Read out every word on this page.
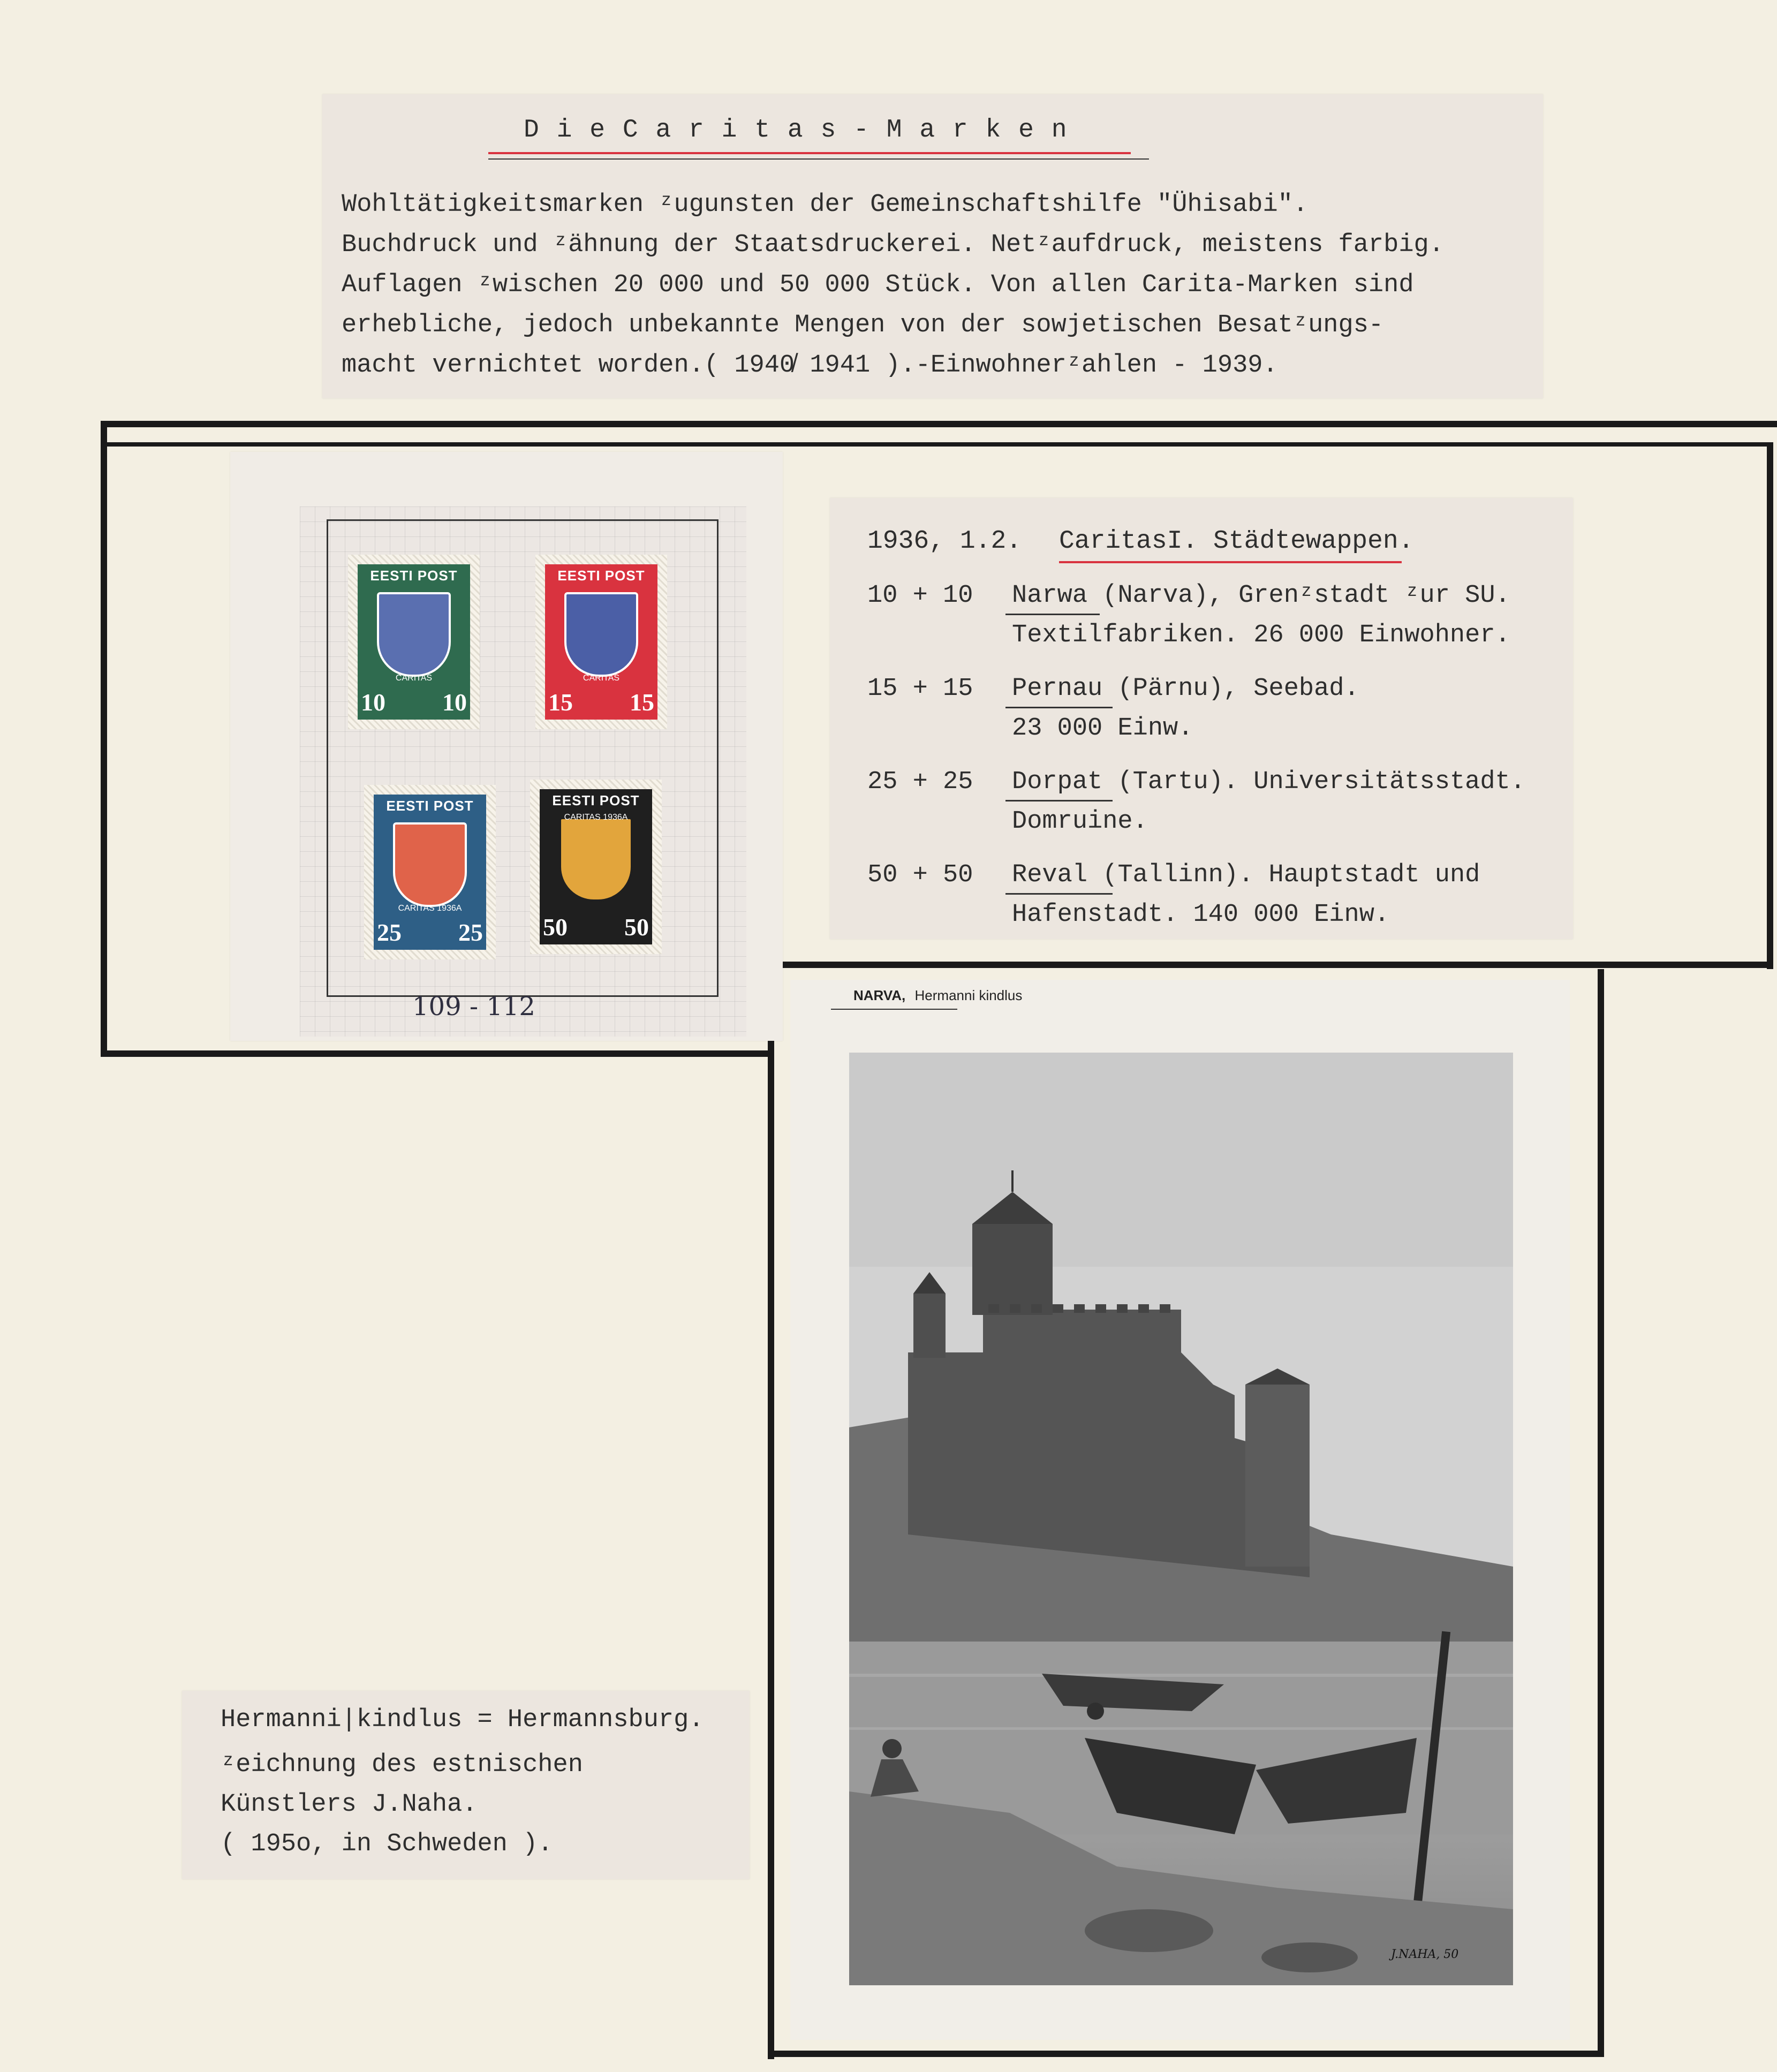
D i e C a r i t a s - M a r k e n
Wohltätigkeitsmarken ᶻugunsten der Gemeinschaftshilfe "Ühisabi".
Buchdruck und ᶻähnung der Staatsdruckerei. Netᶻaufdruck, meistens farbig.
Auflagen ᶻwischen 20 000 und 50 000 Stück. Von allen Carita-Marken sind
erhebliche, jedoch unbekannte Mengen von der sowjetischen Besatᶻungs-
macht vernichtet worden.( 1940̸ 1941 ).-Einwohnerᶻahlen - 1939.
EESTI POST
CARITAS
10 10
EESTI POST
CARITAS
15 15
EESTI POST
CARITAS 1936A
25 25
EESTI POST
CARITAS 1936A
50 50
109 - 112
1936, 1.2. CaritasI. Städtewappen.
10 + 10 Narwa (Narva), Grenᶻstadt ᶻur SU.
Textilfabriken. 26 000 Einwohner.
15 + 15 Pernau (Pärnu), Seebad.
23 000 Einw.
25 + 25 Dorpat (Tartu). Universitätsstadt.
Domruine.
50 + 50 Reval (Tallinn). Hauptstadt und
Hafenstadt. 140 000 Einw.
NARVA, Hermanni kindlus
J.NAHA, 50
Hermanni|kindlus = Hermannsburg.
ᶻeichnung des estnischen
Künstlers J.Naha.
( 195o, in Schweden ).
